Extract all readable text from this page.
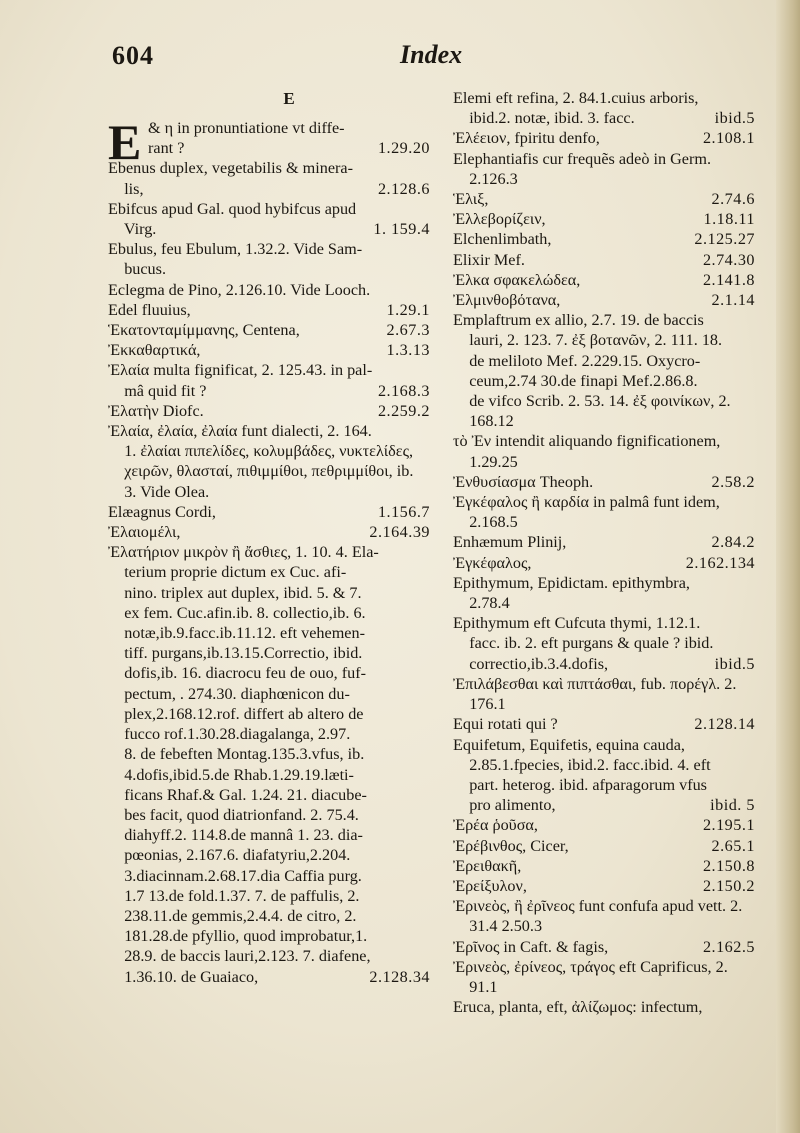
604	Index
E
E & η in pronuntiatione vt diffe-

1.29.20
rant ?

Ebenus duplex, vegetabilis & minera-

2.128.6
lis,

Ebifcus apud Gal. quod hybifcus apud

1. 159.4
Virg.

Ebulus, feu Ebulum, 1.32.2. Vide Sam-

bucus.

Eclegma de Pino, 2.126.10. Vide Looch.

1.29.1
Edel fluuius,

2.67.3
Ἑκατονταμίμμανης, Centena,

1.3.13
Ἐκκαθαρτικά,

Ἐλαία multa fignificat, 2. 125.43. in pal-

2.168.3
mâ quid fit ?

2.259.2
Ἐλατὴν Diofc.

Ἐλαία, ἐλαία, ἐλαία funt dialecti, 2. 164.

1. ἐλαίαι πιπελίδες, κολυμβάδες, νυκτελίδες,

χειρῶν, θλασταί, πιθιμμίθοι, πεθριμμίθοι, ib.

3. Vide Olea.

1.156.7
Elæagnus Cordi,

2.164.39
Ἐλαιομέλι,

Ἐλατήριον μικρὸν ἢ ἄσθιες, 1. 10. 4. Ela-

terium proprie dictum ex Cuc. afi-

nino. triplex aut duplex, ibid. 5. & 7.

ex fem. Cuc.afin.ib. 8. collectio,ib. 6.

notæ,ib.9.facc.ib.11.12. eft vehemen-

tiff. purgans,ib.13.15.Correctio, ibid.

dofis,ib. 16. diacrocu feu de ouo, fuf-

pectum, . 274.30. diaphœnicon du-

plex,2.168.12.rof. differt ab altero de

fucco rof.1.30.28.diagalanga, 2.97.

8. de febeften Montag.135.3.vfus, ib.

4.dofis,ibid.5.de Rhab.1.29.19.læti-

ficans Rhaf.& Gal. 1.24. 21. diacube-

bes facit, quod diatrionfand. 2. 75.4.

diahyff.2. 114.8.de mannâ 1. 23. dia-

pœonias, 2.167.6. diafatyriu,2.204.

3.diacinnam.2.68.17.dia Caffia purg.

1.7 13.de fold.1.37. 7. de paffulis, 2.

238.11.de gemmis,2.4.4. de citro, 2.

181.28.de pfyllio, quod improbatur,1.

28.9. de baccis lauri,2.123. 7. diafene,

2.128.34
1.36.10. de Guaiaco,

Elemi eft refina, 2. 84.1.cuius arboris,

ibid.5
ibid.2. notæ, ibid. 3. facc.

2.108.1
Ἐλέειον, fpiritu denfo,

Elephantiafis cur frequẽs adeò in Germ.

2.126.3

2.74.6
Ἑλιξ,

1.18.11
Ἐλλεβορίζειν,

2.125.27
Elchenlimbath,

2.74.30
Elixir Mef.

2.141.8
Ἐλκα σφακελώδεα,

2.1.14
Ἐλμινθοβότανα,

Emplaftrum ex allio, 2.7. 19. de baccis

lauri, 2. 123. 7. ἐξ βοτανῶν, 2. 111. 18.

de meliloto Mef. 2.229.15. Oxycro-

ceum,2.74 30.de finapi Mef.2.86.8.

de vifco Scrib. 2. 53. 14. ἐξ φοινίκων, 2.

168.12

τὸ Ἐν intendit aliquando fignificationem,

1.29.25

2.58.2
Ἐνθυσίασμα Theoph.

Ἐγκέφαλος ἢ καρδία in palmâ funt idem,

2.168.5

2.84.2
Enhæmum Plinij,

2.162.134
Ἐγκέφαλος,

Epithymum, Epidictam. epithymbra,

2.78.4

Epithymum eft Cufcuta thymi, 1.12.1.

facc. ib. 2. eft purgans & quale ? ibid.

ibid.5
correctio,ib.3.4.dofis,

Ἐπιλάβεσθαι καὶ πιπτάσθαι, fub. πορέγλ. 2.

176.1

2.128.14
Equi rotati qui ?

Equifetum, Equifetis, equina cauda,

2.85.1.fpecies, ibid.2. facc.ibid. 4. eft

part. heterog. ibid. afparagorum vfus

ibid. 5
pro alimento,

2.195.1
Ἐρέα ῥοῦσα,

2.65.1
Ἐρέβινθος, Cicer,

2.150.8
Ἐρειθακῆ,

2.150.2
Ἐρείξυλον,

Ἐρινεὸς, ἢ ἐρῖνεος funt confufa apud vett. 2.

31.4 2.50.3

2.162.5
Ἐρῖνος in Caft. & fagis,

Ἐρινεὸς, ἐρίνεος, τράγος eft Caprificus, 2.

91.1

Eruca, planta, eft, ἀλίζωμος: infectum,
